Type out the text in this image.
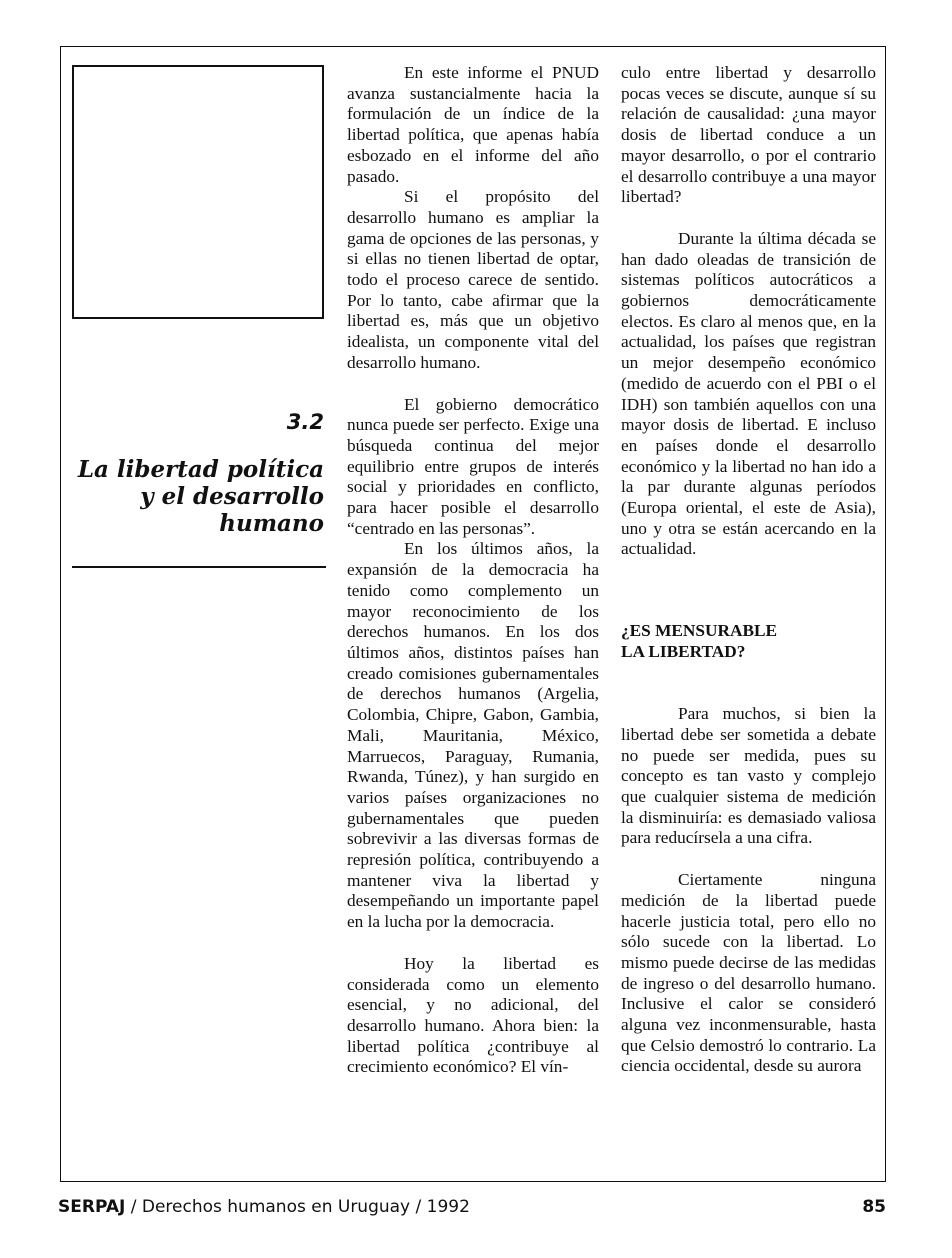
3.2
La libertad política
y el desarrollo
humano

En este informe el PNUD avanza sustancialmente hacia la formulación de un índice de la libertad política, que apenas había esbozado en el informe del año pasado.

Si el propósito del desarrollo humano es ampliar la gama de opciones de las personas, y si ellas no tienen libertad de optar, todo el proceso carece de sentido. Por lo tanto, cabe afirmar que la libertad es, más que un objetivo idealista, un componente vital del desarrollo humano.

El gobierno democrático nunca puede ser perfecto. Exige una búsqueda continua del mejor equilibrio entre grupos de interés social y prioridades en conflicto, para hacer posible el desarrollo “centrado en las personas”.

En los últimos años, la expansión de la democracia ha tenido como complemento un mayor reconocimiento de los derechos humanos. En los dos últimos años, distintos países han creado comisiones gubernamentales de derechos humanos (Argelia, Colombia, Chipre, Gabon, Gambia, Mali, Mauritania, México, Marruecos, Paraguay, Rumania, Rwanda, Túnez), y han surgido en varios países organizaciones no gubernamentales que pueden sobrevivir a las diversas formas de represión política, contribuyendo a mantener viva la libertad y desempeñando un importante papel en la lucha por la democracia.

Hoy la libertad es considerada como un elemento esencial, y no adicional, del desarrollo humano. Ahora bien: la libertad política ¿contribuye al crecimiento económico? El vín-

culo entre libertad y desarrollo pocas veces se discute, aunque sí su relación de causalidad: ¿una mayor dosis de libertad conduce a un mayor desarrollo, o por el contrario el desarrollo contribuye a una mayor libertad?

Durante la última década se han dado oleadas de transición de sistemas políticos autocráticos a gobiernos democráticamente electos. Es claro al menos que, en la actualidad, los países que registran un mejor desempeño económico (medido de acuerdo con el PBI o el IDH) son también aquellos con una mayor dosis de libertad. E incluso en países donde el desarrollo económico y la libertad no han ido a la par durante algunas períodos (Europa oriental, el este de Asia), uno y otra se están acercando en la actualidad.

¿ES MENSURABLE
LA LIBERTAD?

Para muchos, si bien la libertad debe ser sometida a debate no puede ser medida, pues su concepto es tan vasto y complejo que cualquier sistema de medición la disminuiría: es demasiado valiosa para reducírsela a una cifra.

Ciertamente ninguna medición de la libertad puede hacerle justicia total, pero ello no sólo sucede con la libertad. Lo mismo puede decirse de las medidas de ingreso o del desarrollo humano. Inclusive el calor se consideró alguna vez inconmensurable, hasta que Celsio demostró lo contrario. La ciencia occidental, desde su aurora

SERPAJ / Derechos humanos en Uruguay / 1992	85
